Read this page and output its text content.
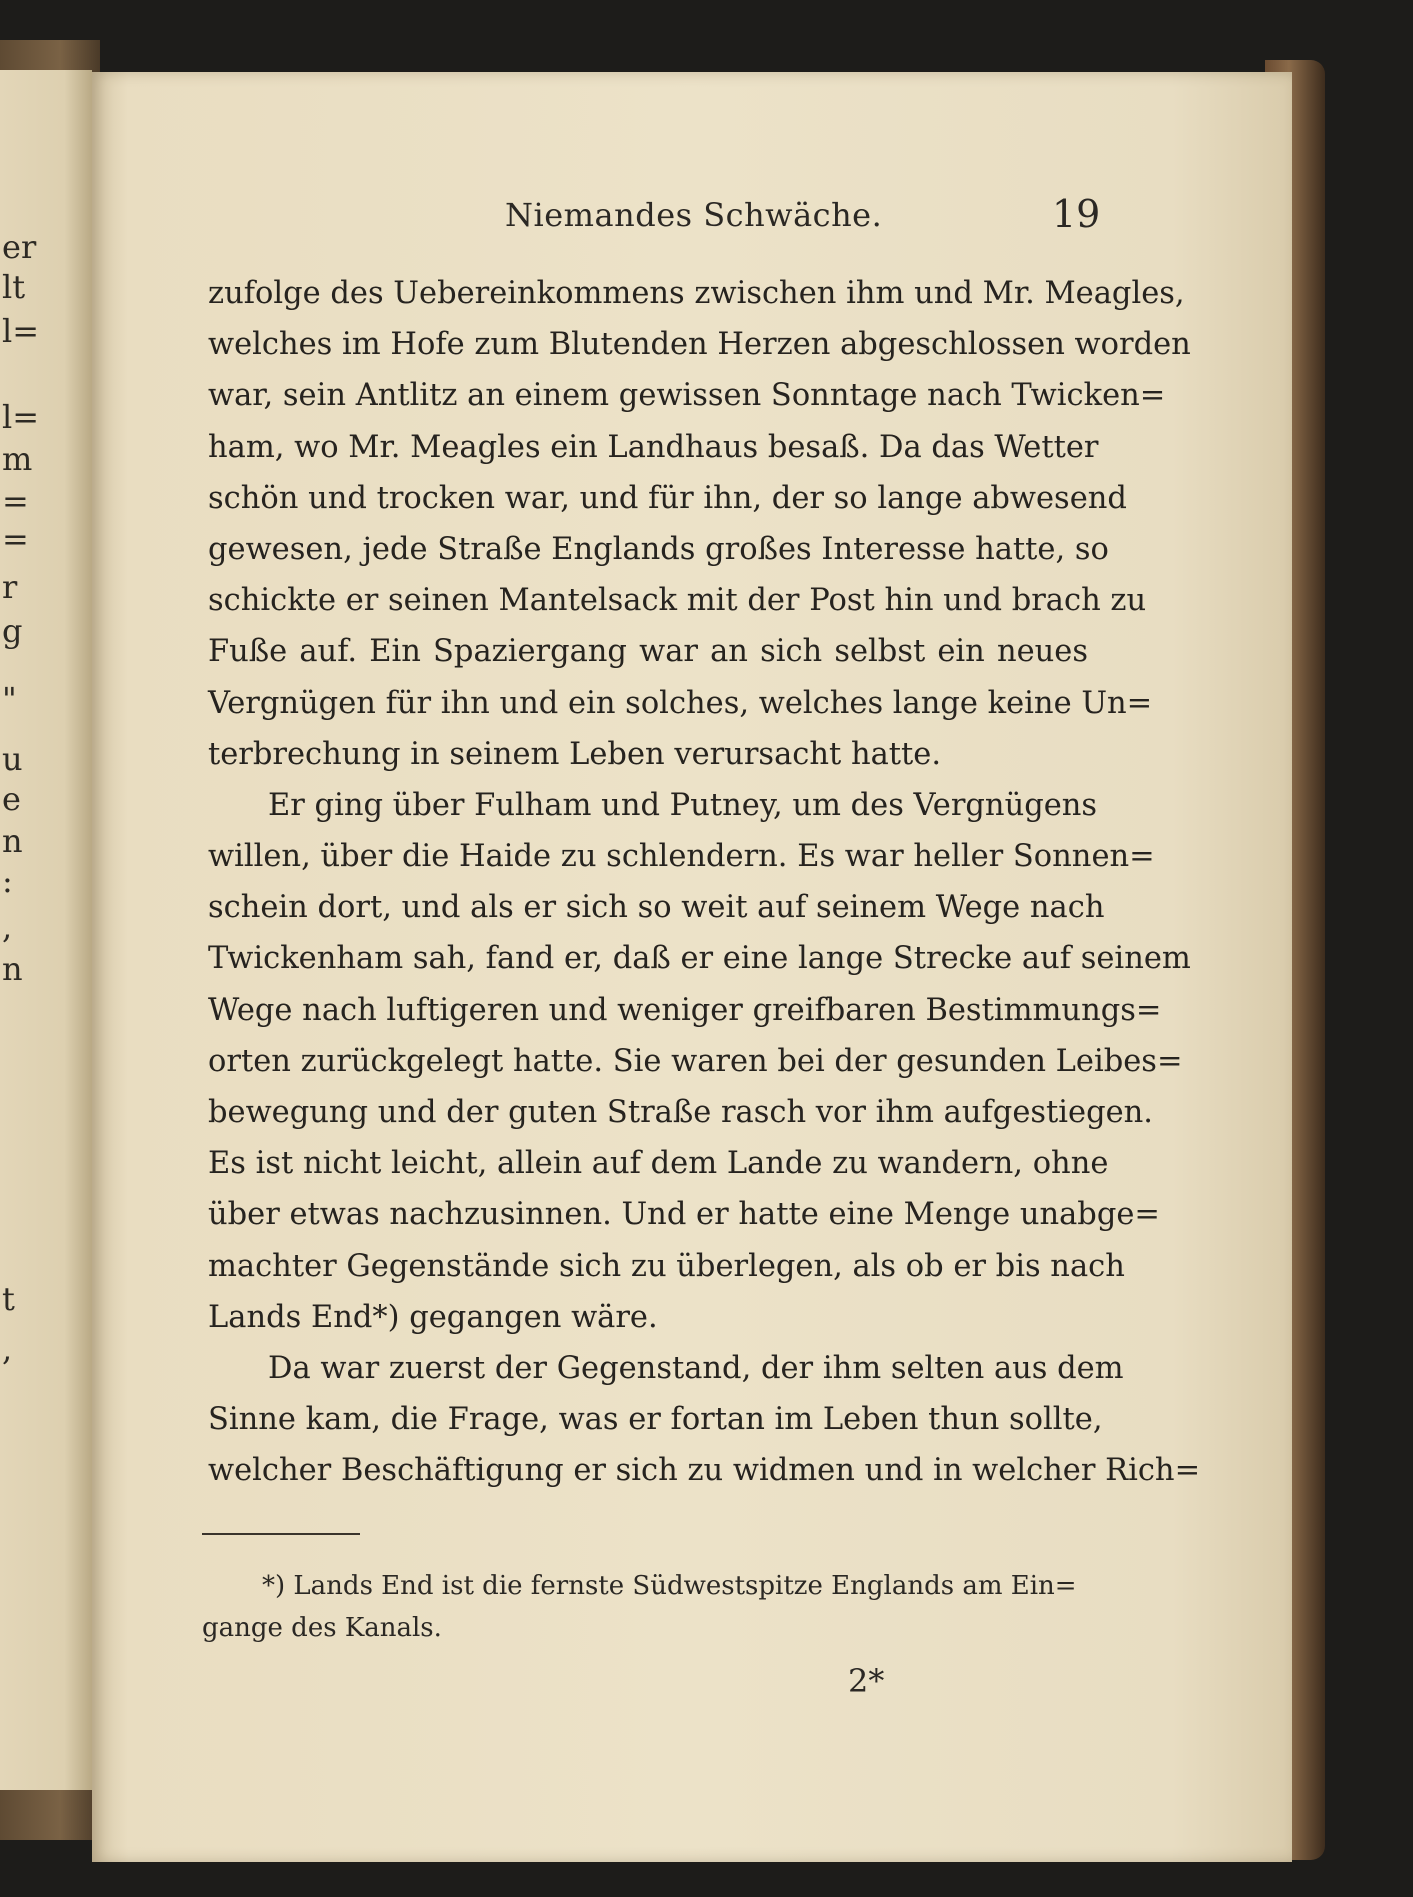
er
lt
l=
l=
m
=
=
r
g
"
u
e
n
:
,
n
t
,
Niemandes Schwäche.	19
zufolge des Uebereinkommens zwischen ihm und Mr. Meagles,
welches im Hofe zum Blutenden Herzen abgeschlossen worden
war, sein Antlitz an einem gewissen Sonntage nach Twicken=
ham, wo Mr. Meagles ein Landhaus besaß. Da das Wetter
schön und trocken war, und für ihn, der so lange abwesend
gewesen, jede Straße Englands großes Interesse hatte, so
schickte er seinen Mantelsack mit der Post hin und brach zu
Fuße auf. Ein Spaziergang war an sich selbst ein neues
Vergnügen für ihn und ein solches, welches lange keine Un=
terbrechung in seinem Leben verursacht hatte.
Er ging über Fulham und Putney, um des Vergnügens
willen, über die Haide zu schlendern. Es war heller Sonnen=
schein dort, und als er sich so weit auf seinem Wege nach
Twickenham sah, fand er, daß er eine lange Strecke auf seinem
Wege nach luftigeren und weniger greifbaren Bestimmungs=
orten zurückgelegt hatte. Sie waren bei der gesunden Leibes=
bewegung und der guten Straße rasch vor ihm aufgestiegen.
Es ist nicht leicht, allein auf dem Lande zu wandern, ohne
über etwas nachzusinnen. Und er hatte eine Menge unabge=
machter Gegenstände sich zu überlegen, als ob er bis nach
Lands End*) gegangen wäre.
Da war zuerst der Gegenstand, der ihm selten aus dem
Sinne kam, die Frage, was er fortan im Leben thun sollte,
welcher Beschäftigung er sich zu widmen und in welcher Rich=
*) Lands End ist die fernste Südwestspitze Englands am Ein=
gange des Kanals.
2*
